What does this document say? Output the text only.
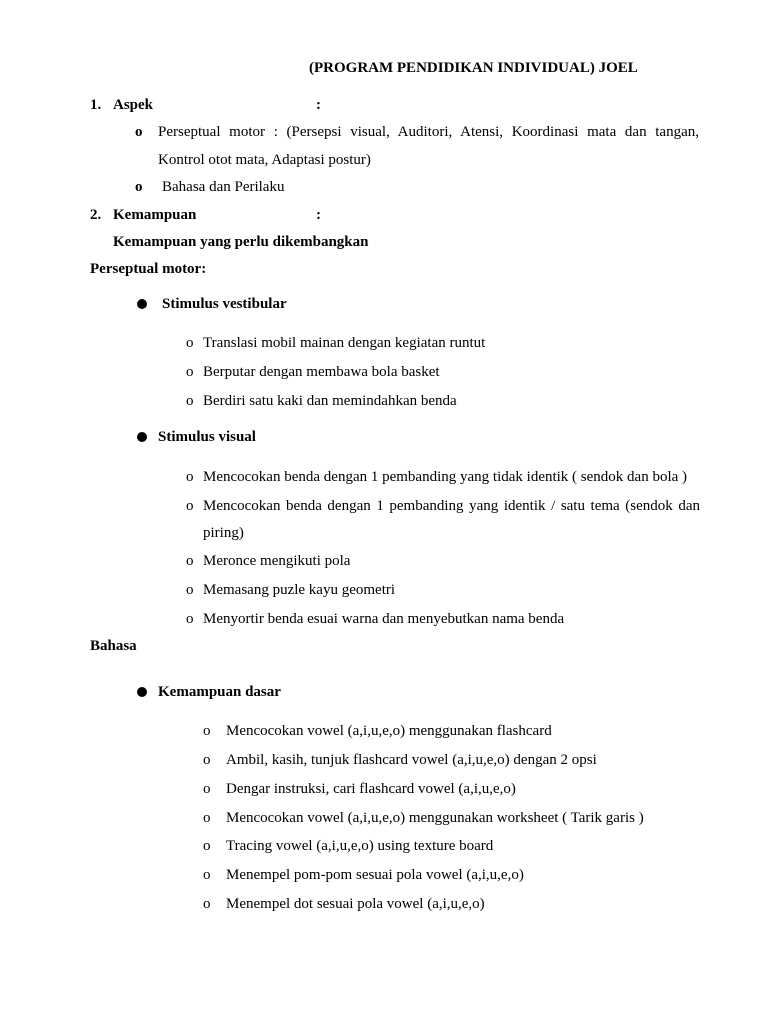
(PROGRAM PENDIDIKAN INDIVIDUAL) JOEL
1. Aspek	:
o Perseptual motor : (Persepsi visual, Auditori, Atensi, Koordinasi mata dan tangan,
Kontrol otot mata, Adaptasi postur)
o Bahasa dan Perilaku
2. Kemampuan	:
Kemampuan yang perlu dikembangkan
Perseptual motor:
Stimulus vestibular
o Translasi mobil mainan dengan kegiatan runtut
o Berputar dengan membawa bola basket
o Berdiri satu kaki dan memindahkan benda
Stimulus visual
o Mencocokan benda dengan 1 pembanding yang tidak identik ( sendok dan bola )
o Mencocokan benda dengan 1 pembanding yang identik / satu tema (sendok dan
piring)
o Meronce mengikuti pola
o Memasang puzle kayu geometri
o Menyortir benda esuai warna dan menyebutkan nama benda
Bahasa
Kemampuan dasar
o Mencocokan vowel (a,i,u,e,o) menggunakan flashcard
o Ambil, kasih, tunjuk flashcard vowel (a,i,u,e,o) dengan 2 opsi
o Dengar instruksi, cari flashcard vowel (a,i,u,e,o)
o Mencocokan vowel (a,i,u,e,o) menggunakan worksheet ( Tarik garis )
o Tracing vowel (a,i,u,e,o) using texture board
o Menempel pom-pom sesuai pola vowel (a,i,u,e,o)
o Menempel dot sesuai pola vowel (a,i,u,e,o)
